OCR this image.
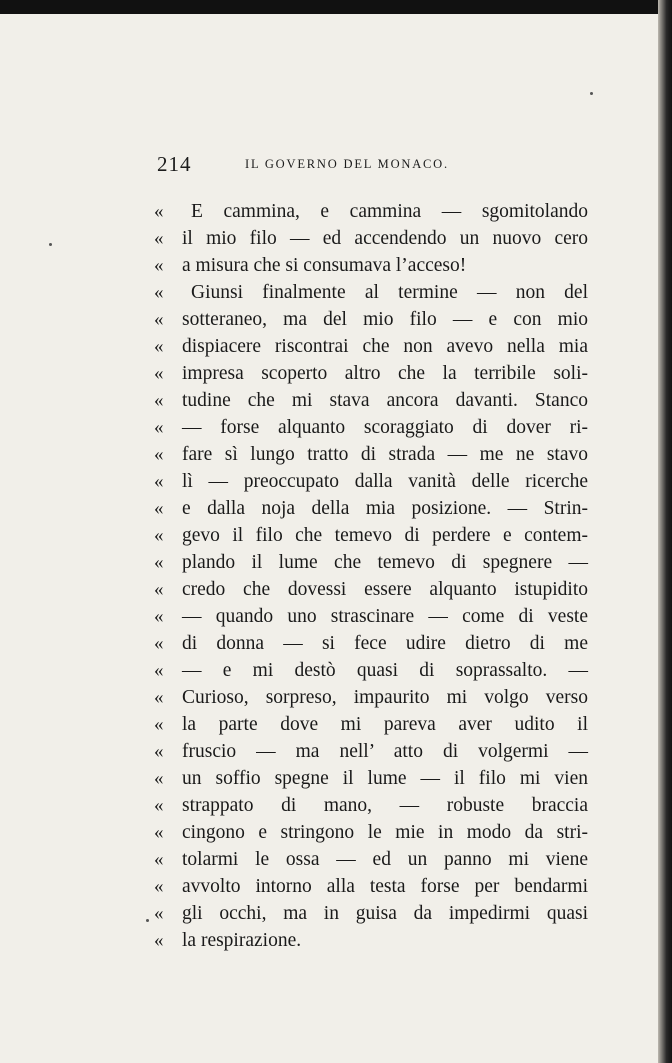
214	IL GOVERNO DEL MONACO.
« E cammina, e cammina — sgomitolando
« il mio filo — ed accendendo un nuovo cero
« a misura che si consumava l’acceso!
« Giunsi finalmente al termine — non del
« sotteraneo, ma del mio filo — e con mio
« dispiacere riscontrai che non avevo nella mia
« impresa scoperto altro che la terribile soli-
« tudine che mi stava ancora davanti. Stanco
« — forse alquanto scoraggiato di dover ri-
« fare sì lungo tratto di strada — me ne stavo
« lì — preoccupato dalla vanità delle ricerche
« e dalla noja della mia posizione. — Strin-
« gevo il filo che temevo di perdere e contem-
« plando il lume che temevo di spegnere —
« credo che dovessi essere alquanto istupidito
« — quando uno strascinare — come di veste
« di donna — si fece udire dietro di me
« — e mi destò quasi di soprassalto. —
« Curioso, sorpreso, impaurito mi volgo verso
« la parte dove mi pareva aver udito il
« fruscio — ma nell’ atto di volgermi —
« un soffio spegne il lume — il filo mi vien
« strappato di mano, — robuste braccia
« cingono e stringono le mie in modo da stri-
« tolarmi le ossa — ed un panno mi viene
« avvolto intorno alla testa forse per bendarmi
« gli occhi, ma in guisa da impedirmi quasi
« la respirazione.
